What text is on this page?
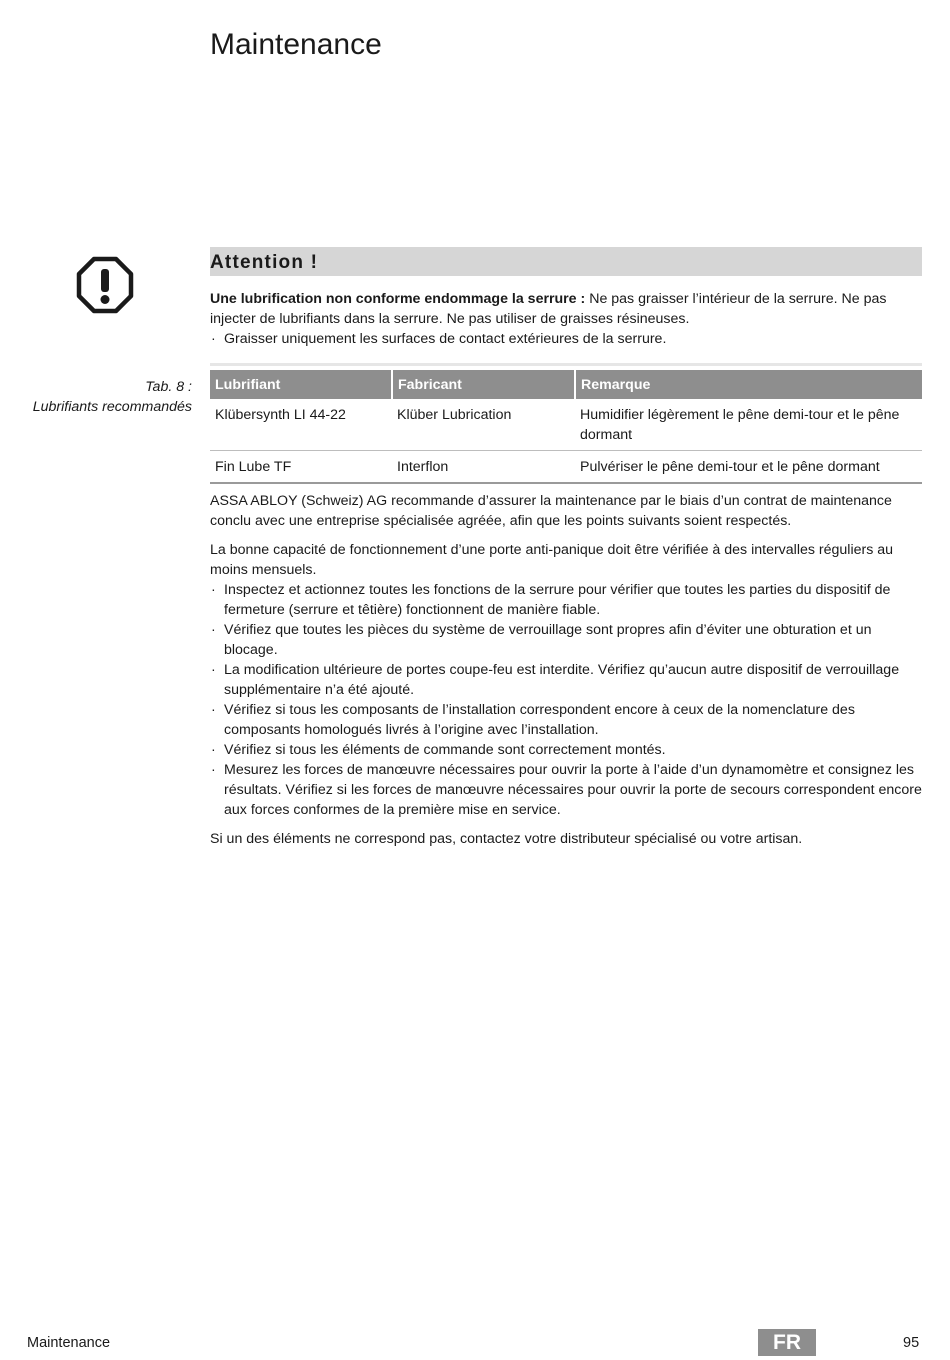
Maintenance
Attention !

Une lubrification non conforme endommage la serrure : Ne pas graisser l’intérieur de la serrure. Ne pas injecter de lubrifiants dans la serrure. Ne pas utiliser de graisses résineuses.

· Graisser uniquement les surfaces de contact extérieures de la serrure.

Tab. 8 :
Lubrifiants recommandés
Lubrifiant	Fabricant	Remarque
Klübersynth LI 44-22	Klüber Lubrication	Humidifier légèrement le pêne demi-tour et le pêne dormant
Fin Lube TF	Interflon	Pulvériser le pêne demi-tour et le pêne dormant

ASSA ABLOY (Schweiz) AG recommande d’assurer la maintenance par le biais d’un contrat de maintenance conclu avec une entreprise spécialisée agréée, afin que les points suivants soient respectés.

La bonne capacité de fonctionnement d’une porte anti-panique doit être vérifiée à des intervalles réguliers au moins mensuels.

· Inspectez et actionnez toutes les fonctions de la serrure pour vérifier que toutes les parties du dispositif de fermeture (serrure et têtière) fonctionnent de manière fiable.
· Vérifiez que toutes les pièces du système de verrouillage sont propres afin d’éviter une obturation et un blocage.
· La modification ultérieure de portes coupe-feu est interdite. Vérifiez qu’aucun autre dispositif de verrouillage supplémentaire n’a été ajouté.
· Vérifiez si tous les composants de l’installation correspondent encore à ceux de la nomenclature des composants homologués livrés à l’origine avec l’installation.
· Vérifiez si tous les éléments de commande sont correctement montés.
· Mesurez les forces de manœuvre nécessaires pour ouvrir la porte à l’aide d’un dynamomètre et consignez les résultats. Vérifiez si les forces de manœuvre nécessaires pour ouvrir la porte de secours correspondent encore aux forces conformes de la première mise en service.

Si un des éléments ne correspond pas, contactez votre distributeur spécialisé ou votre artisan.

Maintenance	FR	95
